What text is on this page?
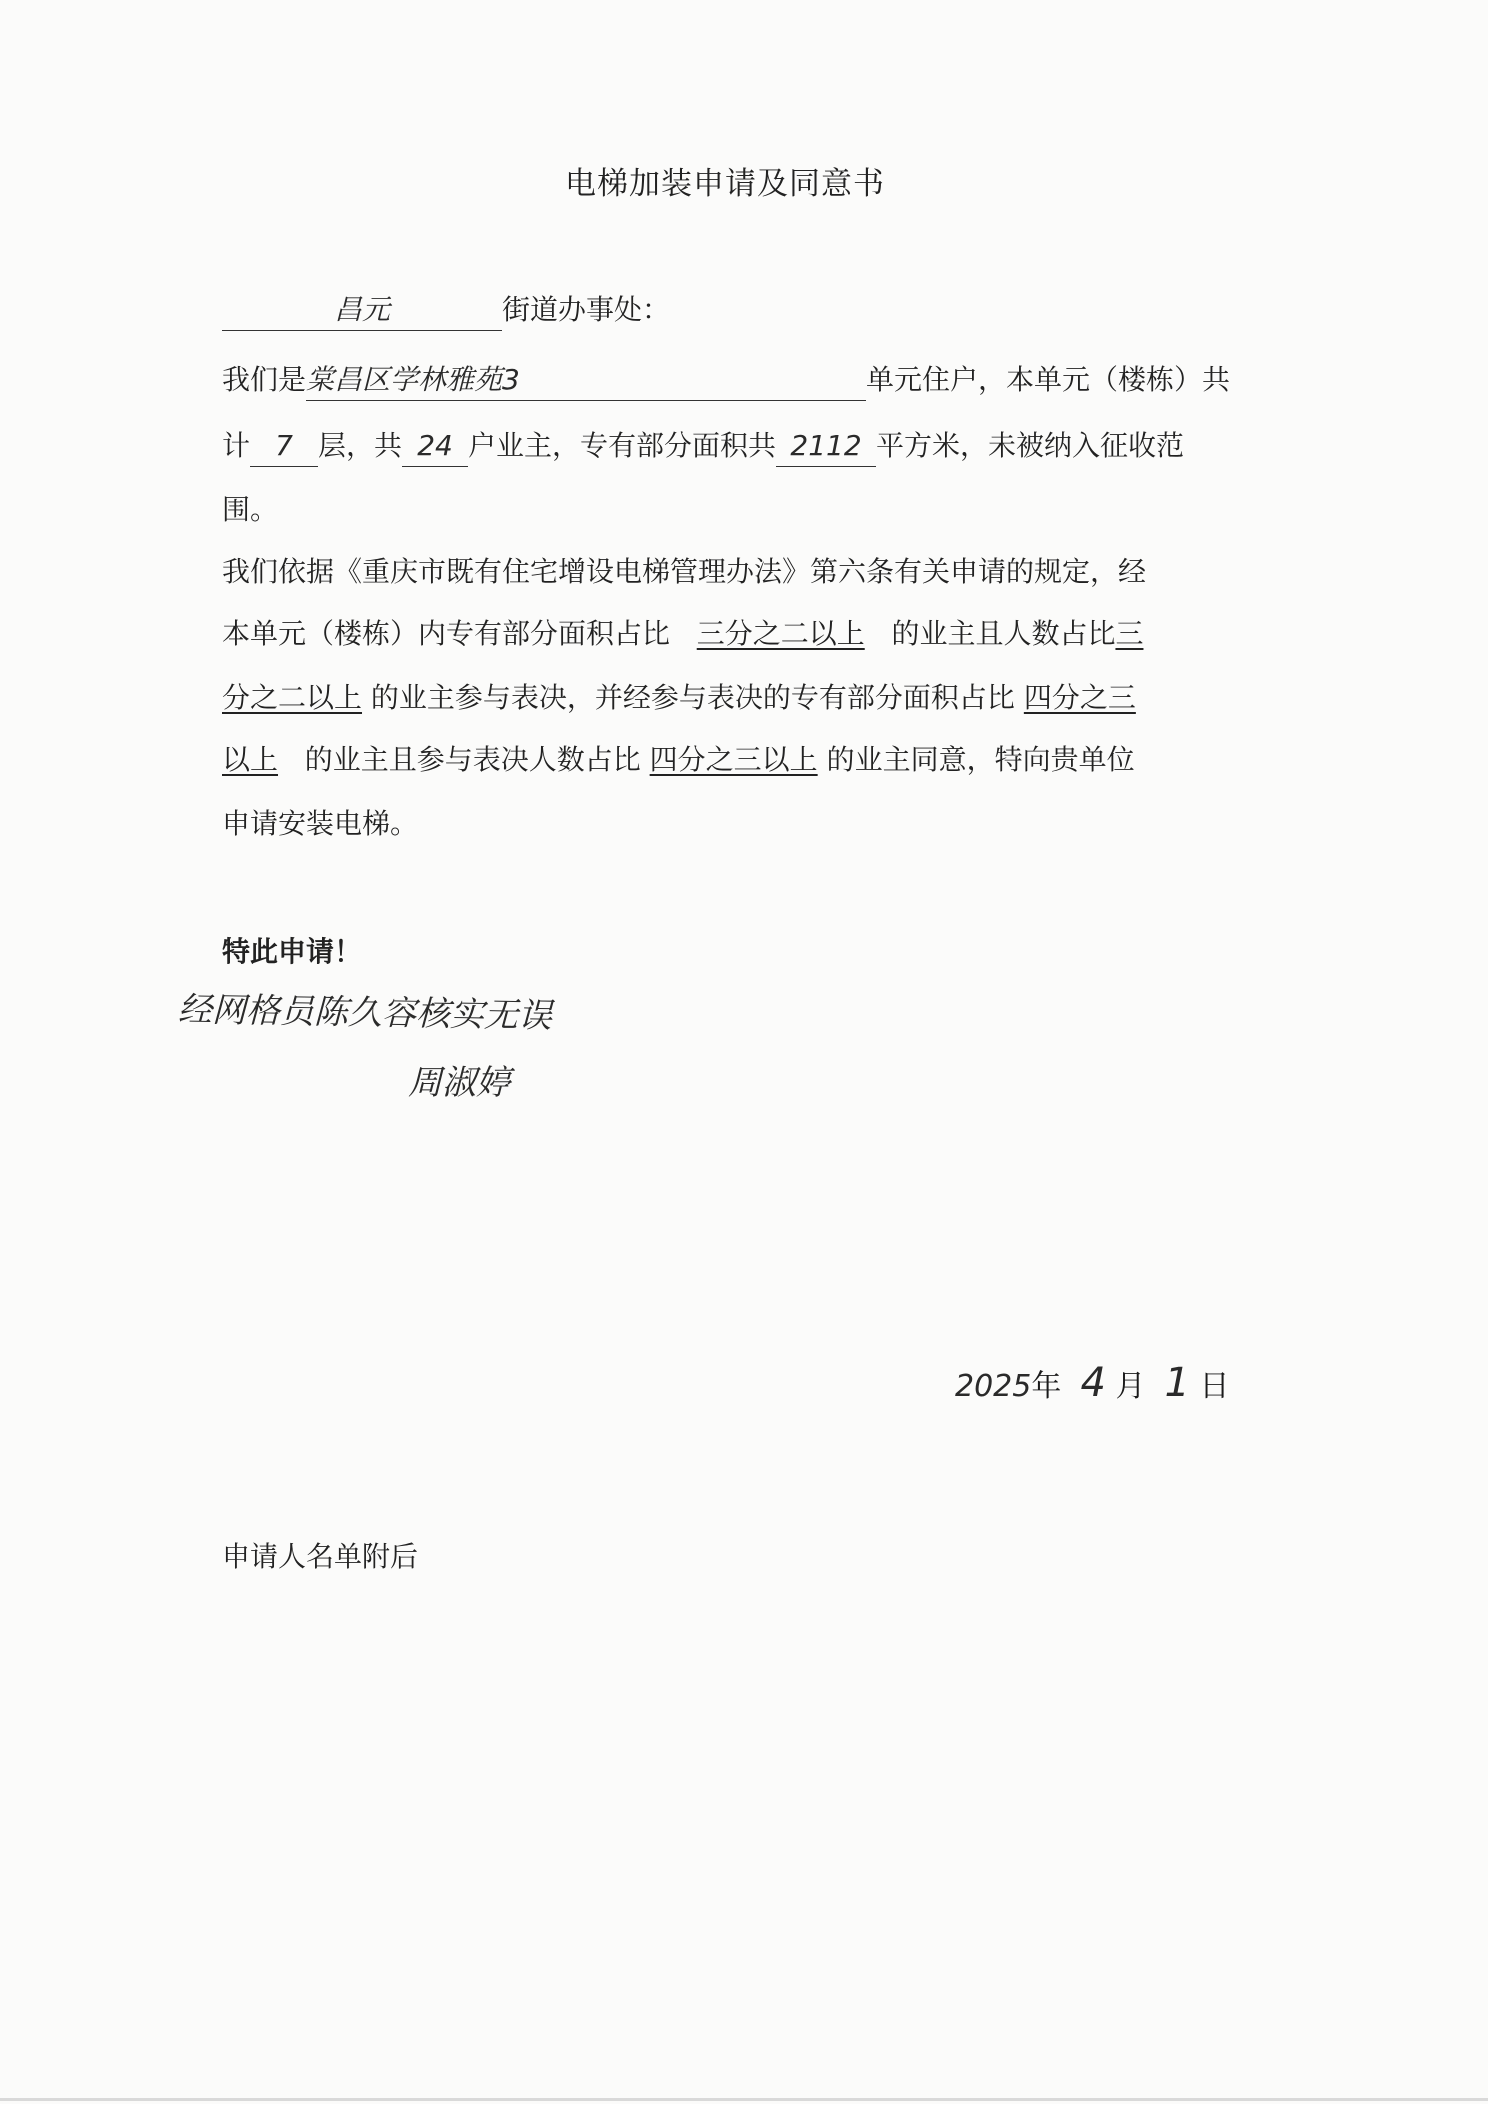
电梯加装申请及同意书
昌元	街道办事处：
我们是棠昌区学林雅苑3	单元住户，本单元（楼栋）共
计 7 层，共 24 户业主，专有部分面积共 2112 平方米，未被纳入征收范
围。
我们依据《重庆市既有住宅增设电梯管理办法》第六条有关申请的规定，经
本单元（楼栋）内专有部分面积占比 三分之二以上 的业主且人数占比三
分之二以上 的业主参与表决，并经参与表决的专有部分面积占比 四分之三
以上 的业主且参与表决人数占比 四分之三以上 的业主同意，特向贵单位
申请安装电梯。
特此申请！
经网格员陈久容核实无误
周淑婷
2025年 4 月 1 日
申请人名单附后
